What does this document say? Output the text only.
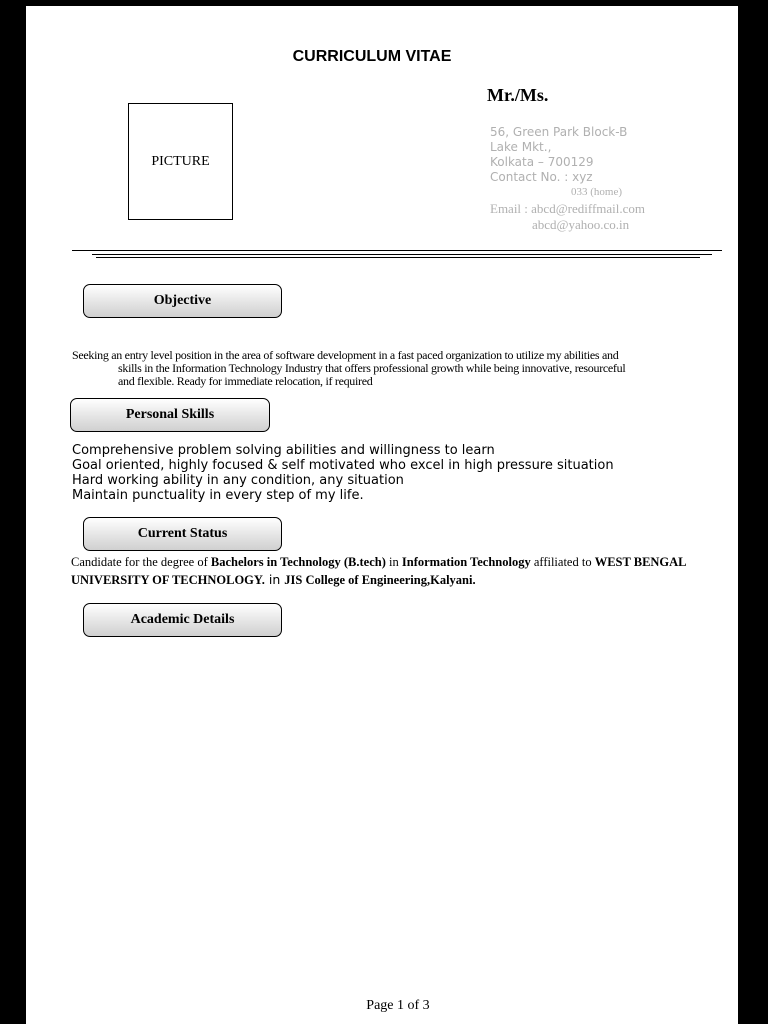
CURRICULUM VITAE
PICTURE
Mr./Ms.
56, Green Park Block-B
Lake Mkt.,
Kolkata – 700129
Contact No. : xyz
033 (home)
Email : abcd@rediffmail.com
abcd@yahoo.co.in
Objective
Seeking an entry level position in the area of software development in a fast paced organization to utilize my abilities and
skills in the Information Technology Industry that offers professional growth while being innovative, resourceful
and flexible. Ready for immediate relocation, if required
Personal Skills
Comprehensive problem solving abilities and willingness to learn
Goal oriented, highly focused & self motivated who excel in high pressure situation
Hard working ability in any condition, any situation
Maintain punctuality in every step of my life.
Current Status
Candidate for the degree of Bachelors in Technology (B.tech) in Information Technology affiliated to WEST BENGAL UNIVERSITY OF TECHNOLOGY. in JIS College of Engineering,Kalyani.
Academic Details
Page 1 of 3
